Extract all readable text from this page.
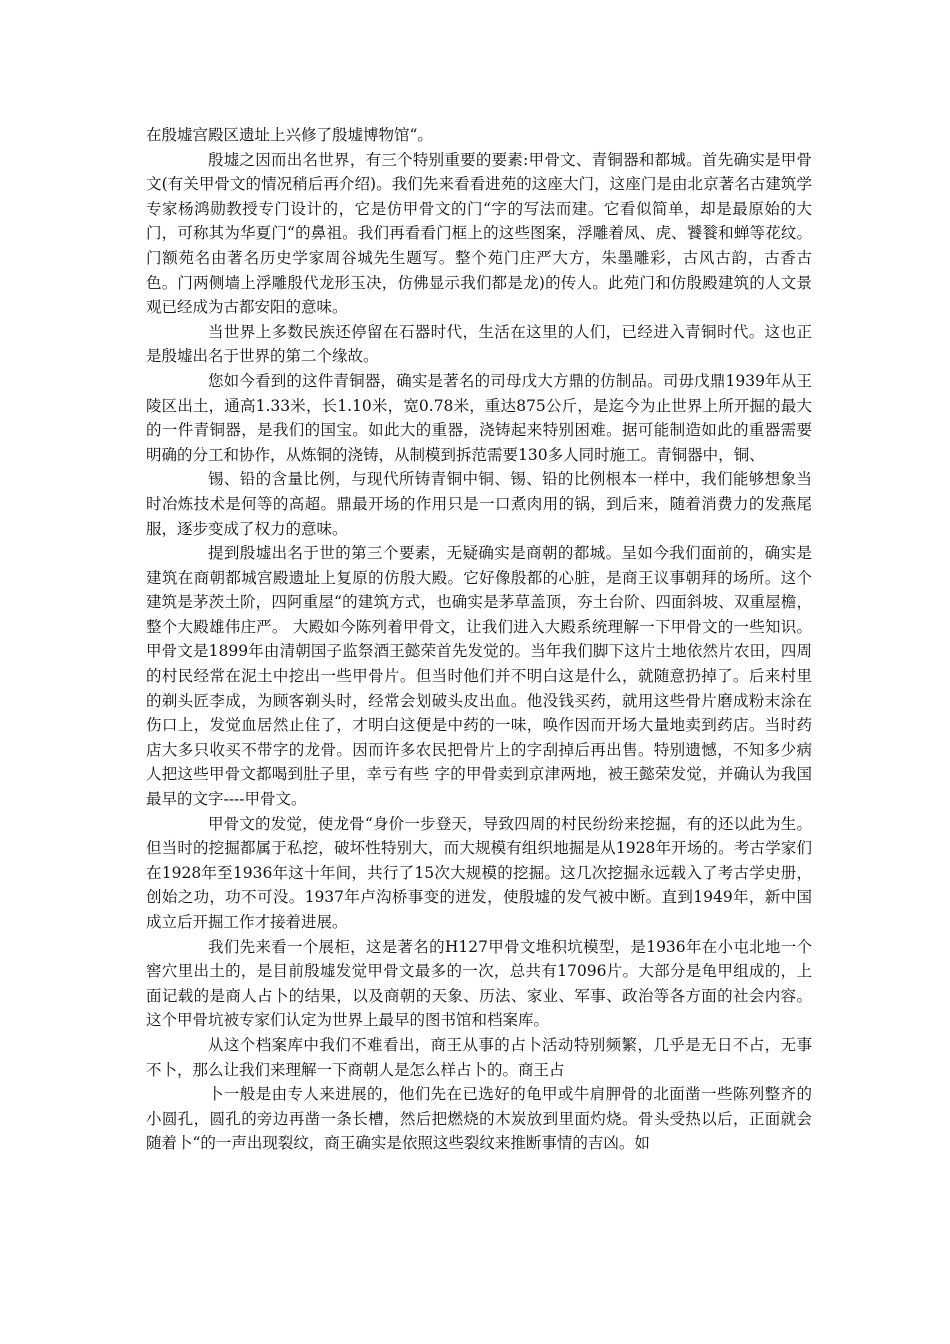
在殷墟宫殿区遗址上兴修了殷墟博物馆“。

殷墟之因而出名世界，有三个特别重要的要素:甲骨文、青铜器和都城。首先确实是甲骨文(有关甲骨文的情况稍后再介绍)。我们先来看看进苑的这座大门，这座门是由北京著名古建筑学专家杨鸿勋教授专门设计的，它是仿甲骨文的门“字的写法而建。它看似简单，却是最原始的大门，可称其为华夏门“的鼻祖。我们再看看门框上的这些图案，浮雕着凤、虎、饕餮和蝉等花纹。门额苑名由著名历史学家周谷城先生题写。整个苑门庄严大方，朱墨雕彩，古风古韵，古香古色。门两侧墙上浮雕殷代龙形玉决，仿佛显示我们都是龙)的传人。此苑门和仿殷殿建筑的人文景观已经成为古都安阳的意味。

当世界上多数民族还停留在石器时代，生活在这里的人们，已经进入青铜时代。这也正是殷墟出名于世界的第二个缘故。

您如今看到的这件青铜器，确实是著名的司母戊大方鼎的仿制品。司毋戊鼎1939年从王陵区出土，通高1.33米，长1.10米，宽0.78米，重达875公斤，是迄今为止世界上所开掘的最大的一件青铜器，是我们的国宝。如此大的重器，浇铸起来特别困难。据可能制造如此的重器需要明确的分工和协作，从炼铜的浇铸，从制模到拆范需要130多人同时施工。青铜器中，铜、

锡、铅的含量比例，与现代所铸青铜中铜、锡、铅的比例根本一样中，我们能够想象当时冶炼技术是何等的高超。鼎最开场的作用只是一口煮肉用的锅，到后来，随着消费力的发燕尾服，逐步变成了权力的意味。

提到殷墟出名于世的第三个要素，无疑确实是商朝的都城。呈如今我们面前的，确实是建筑在商朝都城宫殿遗址上复原的仿殷大殿。它好像殷都的心脏，是商王议事朝拜的场所。这个建筑是茅茨土阶，四阿重屋“的建筑方式，也确实是茅草盖顶，夯土台阶、四面斜坡、双重屋檐，整个大殿雄伟庄严。 大殿如今陈列着甲骨文，让我们进入大殿系统理解一下甲骨文的一些知识。甲骨文是1899年由清朝国子监祭酒王懿荣首先发觉的。当年我们脚下这片土地依然片农田，四周的村民经常在泥土中挖出一些甲骨片。但当时他们并不明白这是什么，就随意扔掉了。后来村里的剃头匠李成，为顾客剃头时，经常会划破头皮出血。他没钱买药，就用这些骨片磨成粉末涂在伤口上，发觉血居然止住了，才明白这便是中药的一味，唤作因而开场大量地卖到药店。当时药店大多只收买不带字的龙骨。因而许多农民把骨片上的字刮掉后再出售。特别遗憾，不知多少病人把这些甲骨文都喝到肚子里，幸亏有些 字的甲骨卖到京津两地，被王懿荣发觉，并确认为我国最早的文字----甲骨文。

甲骨文的发觉，使龙骨“身价一步登天，导致四周的村民纷纷来挖掘，有的还以此为生。但当时的挖掘都属于私挖，破坏性特别大，而大规模有组织地掘是从1928年开场的。考古学家们在1928年至1936年这十年间，共行了15次大规模的挖掘。这几次挖掘永远载入了考古学史册，创始之功，功不可没。1937年卢沟桥事变的迸发，使殷墟的发气被中断。直到1949年，新中国成立后开掘工作才接着进展。

我们先来看一个展柜，这是著名的H127甲骨文堆积坑模型，是1936年在小屯北地一个窖穴里出土的，是目前殷墟发觉甲骨文最多的一次，总共有17096片。大部分是龟甲组成的，上面记载的是商人占卜的结果，以及商朝的天象、历法、家业、军事、政治等各方面的社会内容。这个甲骨坑被专家们认定为世界上最早的图书馆和档案库。

从这个档案库中我们不难看出，商王从事的占卜活动特别频繁，几乎是无日不占，无事不卜，那么让我们来理解一下商朝人是怎么样占卜的。商王占

卜一般是由专人来进展的，他们先在已选好的龟甲或牛肩胛骨的北面凿一些陈列整齐的小圆孔，圆孔的旁边再凿一条长槽，然后把燃烧的木炭放到里面灼烧。骨头受热以后，正面就会随着卜“的一声出现裂纹，商王确实是依照这些裂纹来推断事情的吉凶。如
